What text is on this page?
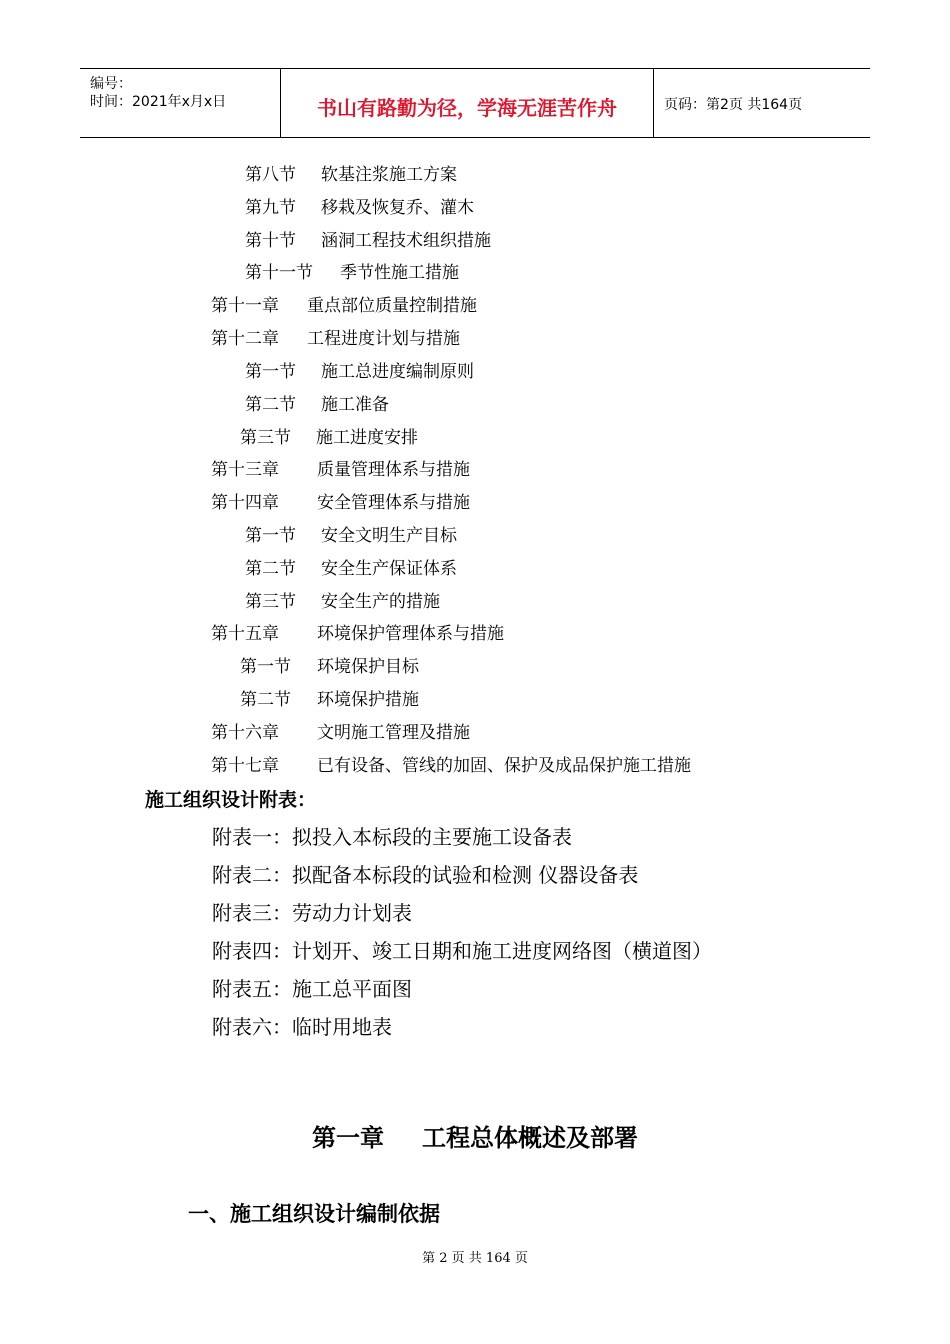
编号：
时间：2021年x月x日	书山有路勤为径，学海无涯苦作舟	页码：第2页 共164页
第八节 软基注浆施工方案
第九节 移栽及恢复乔、灌木
第十节 涵洞工程技术组织措施
第十一节 季节性施工措施
第十一章 重点部位质量控制措施
第十二章 工程进度计划与措施
第一节 施工总进度编制原则
第二节 施工准备
第三节 施工进度安排
第十三章 质量管理体系与措施
第十四章 安全管理体系与措施
第一节 安全文明生产目标
第二节 安全生产保证体系
第三节 安全生产的措施
第十五章 环境保护管理体系与措施
第一节 环境保护目标
第二节 环境保护措施
第十六章 文明施工管理及措施
第十七章 已有设备、管线的加固、保护及成品保护施工措施
施工组织设计附表：
附表一：拟投入本标段的主要施工设备表
附表二：拟配备本标段的试验和检测 仪器设备表
附表三：劳动力计划表
附表四：计划开、竣工日期和施工进度网络图（横道图）
附表五：施工总平面图
附表六：临时用地表
第一章 工程总体概述及部署
一、施工组织设计编制依据
第 2 页 共 164 页
